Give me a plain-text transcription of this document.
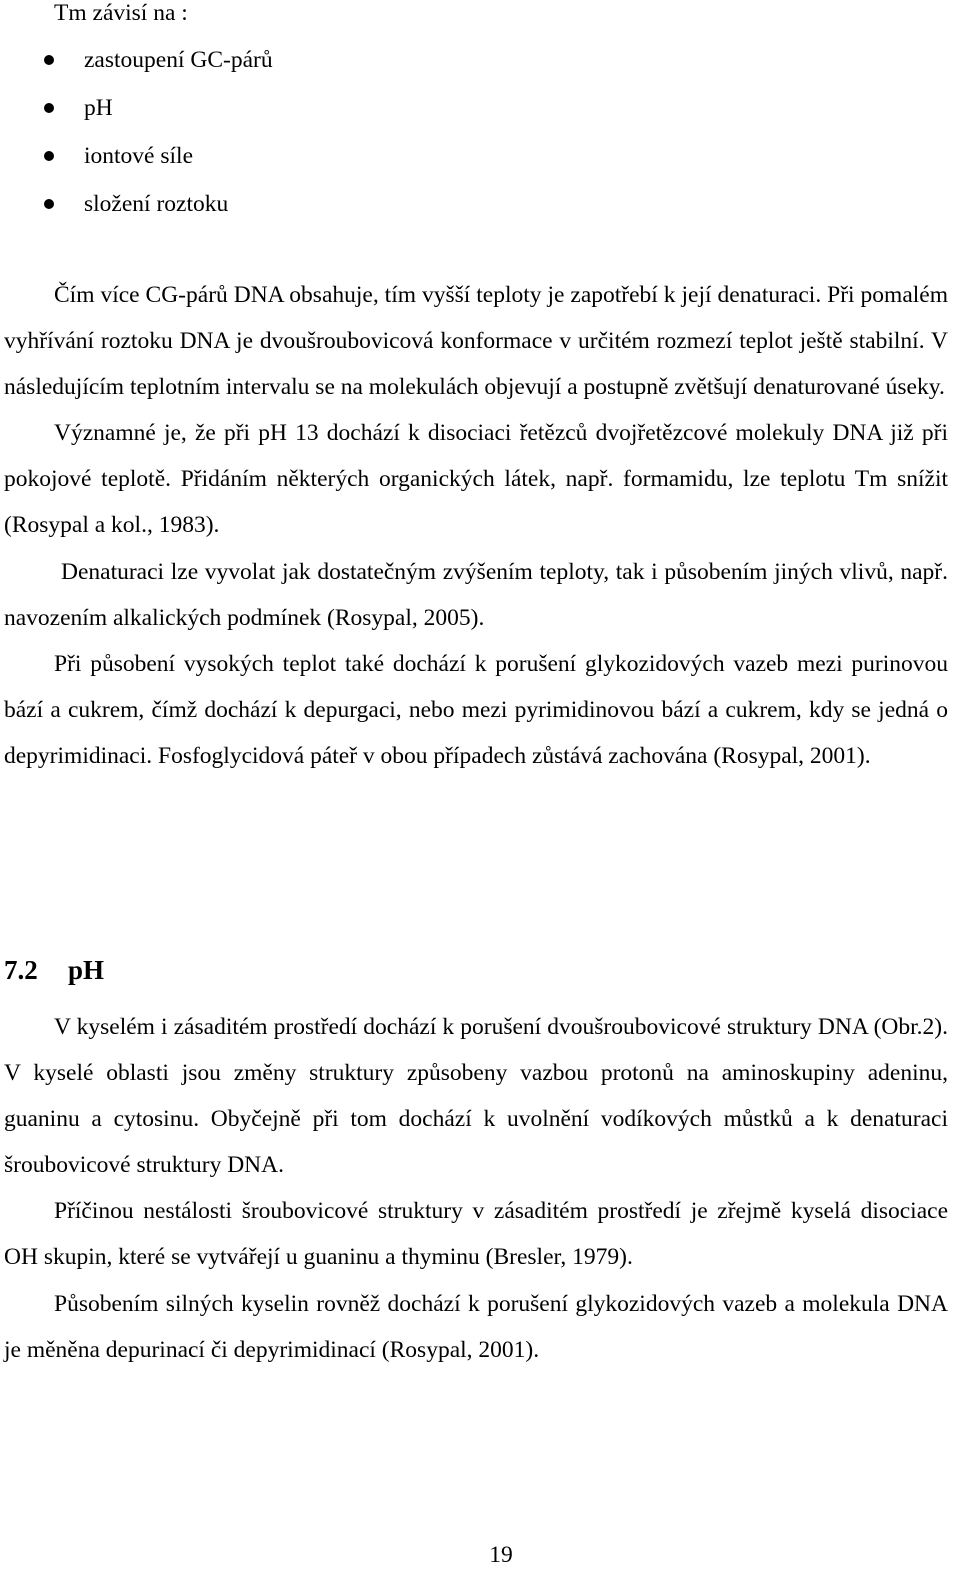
Tm závisí na :

zastoupení GC-párů
pH
iontové síle
složení roztoku

Čím více CG-párů DNA obsahuje, tím vyšší teploty je zapotřebí k její denaturaci. Při pomalém vyhřívání roztoku DNA je dvoušroubovicová konformace v určitém rozmezí teplot ještě stabilní. V následujícím teplotním intervalu se na molekulách objevují a postupně zvětšují denaturované úseky.

Významné je, že při pH 13 dochází k disociaci řetězců dvojřetězcové molekuly DNA již při pokojové teplotě. Přidáním některých organických látek, např. formamidu, lze teplotu Tm snížit (Rosypal a kol., 1983).

Denaturaci lze vyvolat jak dostatečným zvýšením teploty, tak i působením jiných vlivů, např. navozením alkalických podmínek (Rosypal, 2005).

Při působení vysokých teplot také dochází k porušení glykozidových vazeb mezi purinovou bází a cukrem, čímž dochází k depurgaci, nebo mezi pyrimidinovou bází a cukrem, kdy se jedná o depyrimidinaci. Fosfoglycidová páteř v obou případech zůstává zachována (Rosypal, 2001).

7.2 pH

V kyselém i zásaditém prostředí dochází k porušení dvoušroubovicové struktury DNA (Obr.2). V kyselé oblasti jsou změny struktury způsobeny vazbou protonů na aminoskupiny adeninu, guaninu a cytosinu. Obyčejně při tom dochází k uvolnění vodíkových můstků a k denaturaci šroubovicové struktury DNA.

Příčinou nestálosti šroubovicové struktury v zásaditém prostředí je zřejmě kyselá disociace OH skupin, které se vytvářejí u guaninu a thyminu (Bresler, 1979).

Působením silných kyselin rovněž dochází k porušení glykozidových vazeb a molekula DNA je měněna depurinací či depyrimidinací (Rosypal, 2001).

19
